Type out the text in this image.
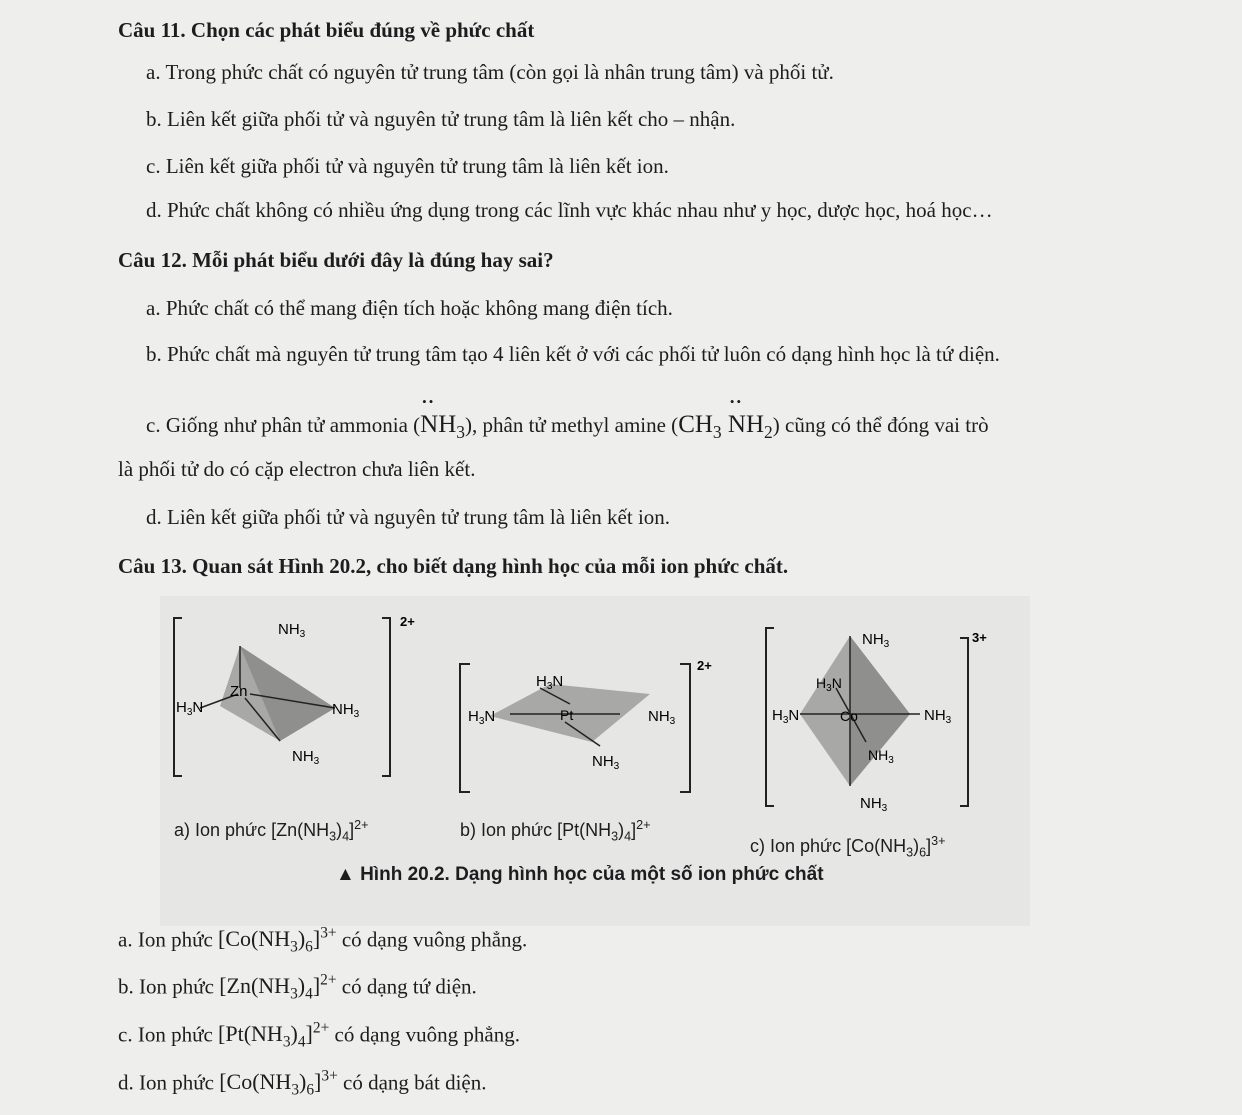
Câu 11. Chọn các phát biểu đúng về phức chất
a. Trong phức chất có nguyên tử trung tâm (còn gọi là nhân trung tâm) và phối tử.
b. Liên kết giữa phối tử và nguyên tử trung tâm là liên kết cho – nhận.
c. Liên kết giữa phối tử và nguyên tử trung tâm là liên kết ion.
d. Phức chất không có nhiều ứng dụng trong các lĩnh vực khác nhau như y học, dược học, hoá học…
Câu 12. Mỗi phát biểu dưới đây là đúng hay sai?
a. Phức chất có thể mang điện tích hoặc không mang điện tích.
b. Phức chất mà nguyên tử trung tâm tạo 4 liên kết ở với các phối tử luôn có dạng hình học là tứ diện.
c. Giống như phân tử ammonia (•• $NH_3$), phân tử methyl amine ($CH_3$ •• $NH_2$) cũng có thể đóng vai trò
là phối tử do có cặp electron chưa liên kết.
d. Liên kết giữa phối tử và nguyên tử trung tâm là liên kết ion.
Câu 13. Quan sát Hình 20.2, cho biết dạng hình học của mỗi ion phức chất.
$NH_3$
Zn
$H_3N$	$NH_3$
$NH_3$
2+
$H_3N$
$H_3N$	Pt	$NH_3$
$NH_3$
2+
$NH_3$
$H_3N$
$H_3N$	Co	$NH_3$
$NH_3$
$NH_3$
3+
a) Ion phức $[Zn(NH_3)_4]^{2+}$	b) Ion phức $[Pt(NH_3)_4]^{2+}$
c) Ion phức $[Co(NH_3)_6]^{3+}$
▲ Hình 20.2. Dạng hình học của một số ion phức chất
a. Ion phức $[Co(NH_3)_6]^{3+}$ có dạng vuông phẳng.
b. Ion phức $[Zn(NH_3)_4]^{2+}$ có dạng tứ diện.
c. Ion phức $[Pt(NH_3)_4]^{2+}$ có dạng vuông phẳng.
d. Ion phức $[Co(NH_3)_6]^{3+}$ có dạng bát diện.
